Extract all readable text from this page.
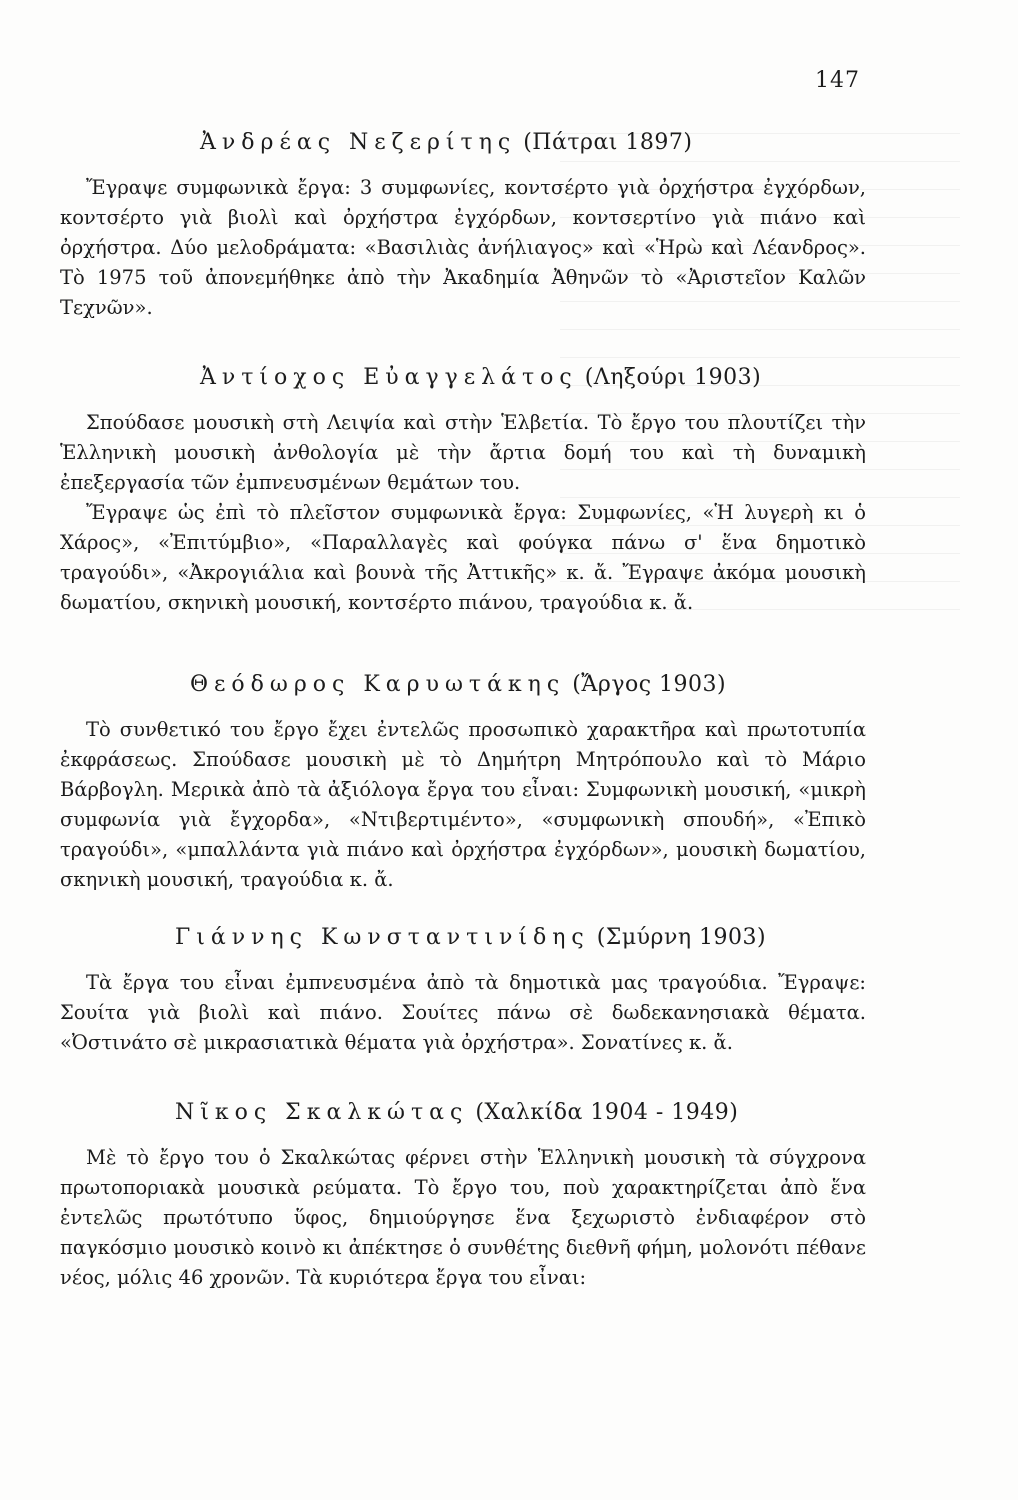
147
Ἀνδρέας Νεζερίτης (Πάτραι 1897)

Ἔγραψε συμφωνικὰ ἔργα: 3 συμφωνίες, κοντσέρτο γιὰ ὀρχήστρα ἐγχόρδων, κοντσέρτο γιὰ βιολὶ καὶ ὀρχήστρα ἐγχόρδων, κοντσερτίνο γιὰ πιάνο καὶ ὀρχήστρα. Δύο μελοδράματα: «Βασιλιὰς ἀνήλιαγος» καὶ «Ἡρὼ καὶ Λέανδρος». Τὸ 1975 τοῦ ἀπονεμήθηκε ἀπὸ τὴν Ἀκαδημία Ἀθηνῶν τὸ «Ἀριστεῖον Καλῶν Τεχνῶν».

Ἀντίοχος Εὐαγγελάτος (Ληξούρι 1903)

Σπούδασε μουσικὴ στὴ Λειψία καὶ στὴν Ἑλβετία. Τὸ ἔργο του πλουτίζει τὴν Ἑλληνικὴ μουσικὴ ἀνθολογία μὲ τὴν ἄρτια δομή του καὶ τὴ δυναμικὴ ἐπεξεργασία τῶν ἐμπνευσμένων θεμάτων του.

Ἔγραψε ὡς ἐπὶ τὸ πλεῖστον συμφωνικὰ ἔργα: Συμφωνίες, «Ἡ λυγερὴ κι ὁ Χάρος», «Ἐπιτύμβιο», «Παραλλαγὲς καὶ φούγκα πάνω σ' ἕνα δημοτικὸ τραγούδι», «Ἀκρογιάλια καὶ βουνὰ τῆς Ἀττικῆς» κ. ἄ. Ἔγραψε ἀκόμα μουσικὴ δωματίου, σκηνικὴ μουσική, κοντσέρτο πιάνου, τραγούδια κ. ἄ.

Θεόδωρος Καρυωτάκης (Ἄργος 1903)

Τὸ συνθετικό του ἔργο ἔχει ἐντελῶς προσωπικὸ χαρακτῆρα καὶ πρωτοτυπία ἐκφράσεως. Σπούδασε μουσικὴ μὲ τὸ Δημήτρη Μητρόπουλο καὶ τὸ Μάριο Βάρβογλη. Μερικὰ ἀπὸ τὰ ἀξιόλογα ἔργα του εἶναι: Συμφωνικὴ μουσική, «μικρὴ συμφωνία γιὰ ἔγχορδα», «Ντιβερτιμέντο», «συμφωνικὴ σπουδή», «Ἐπικὸ τραγούδι», «μπαλλάντα γιὰ πιάνο καὶ ὀρχήστρα ἐγχόρδων», μουσικὴ δωματίου, σκηνικὴ μουσική, τραγούδια κ. ἄ.

Γιάννης Κωνσταντινίδης (Σμύρνη 1903)

Τὰ ἔργα του εἶναι ἐμπνευσμένα ἀπὸ τὰ δημοτικὰ μας τραγούδια. Ἔγραψε: Σουίτα γιὰ βιολὶ καὶ πιάνο. Σουίτες πάνω σὲ δωδεκανησιακὰ θέματα. «Ὀστινάτο σὲ μικρασιατικὰ θέματα γιὰ ὀρχήστρα». Σονατίνες κ. ἄ.

Νῖκος Σκαλκώτας (Χαλκίδα 1904 - 1949)

Μὲ τὸ ἔργο του ὁ Σκαλκώτας φέρνει στὴν Ἑλληνικὴ μουσικὴ τὰ σύγχρονα πρωτοποριακὰ μουσικὰ ρεύματα. Τὸ ἔργο του, ποὺ χαρακτηρίζεται ἀπὸ ἕνα ἐντελῶς πρωτότυπο ὕφος, δημιούργησε ἕνα ξεχωριστὸ ἐνδιαφέρον στὸ παγκόσμιο μουσικὸ κοινὸ κι ἀπέκτησε ὁ συνθέτης διεθνῆ φήμη, μολονότι πέθανε νέος, μόλις 46 χρονῶν. Τὰ κυριότερα ἔργα του εἶναι:
